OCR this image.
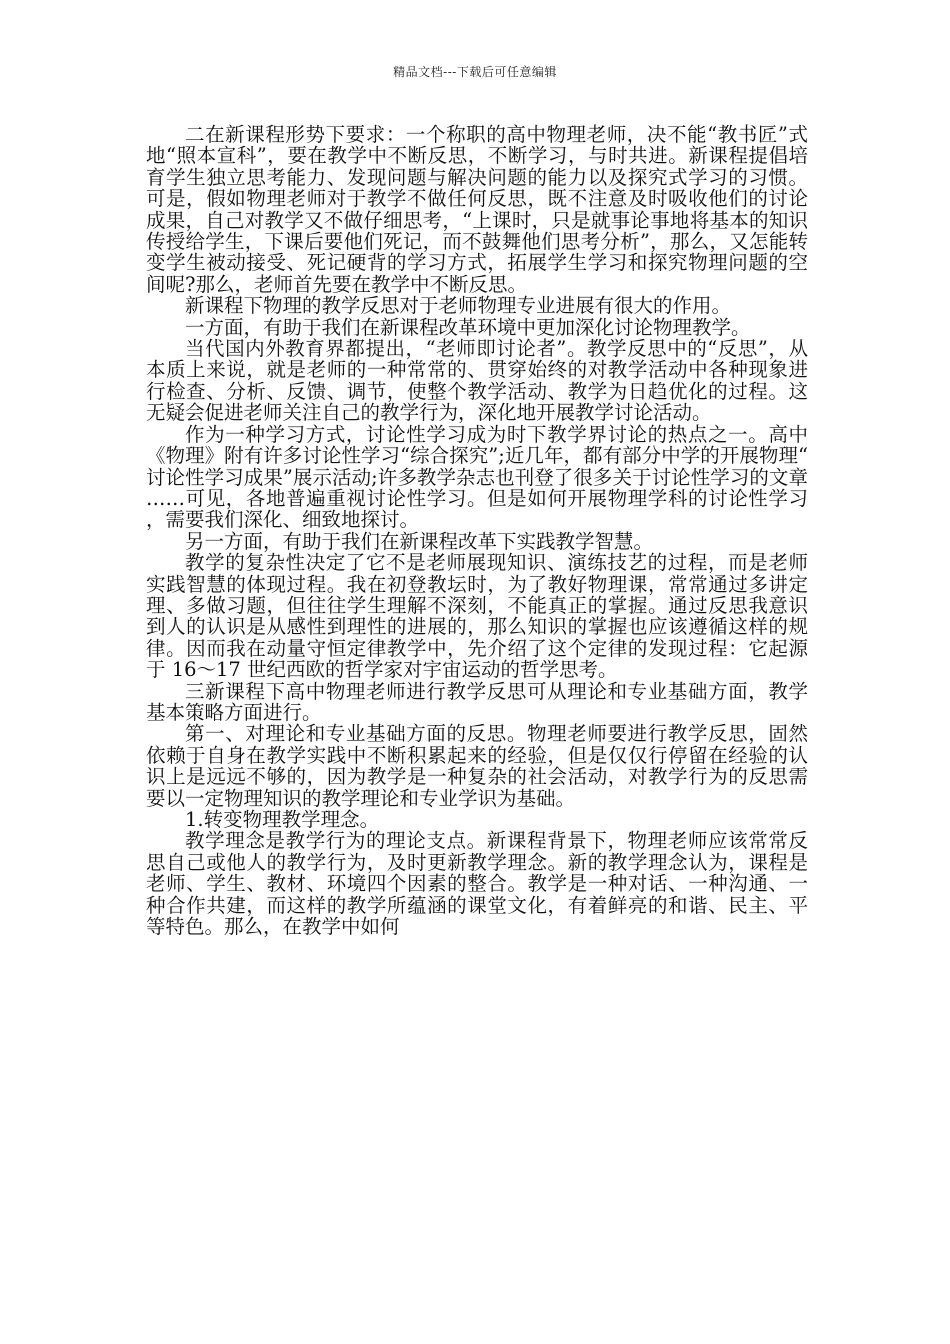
精品文档---下载后可任意编辑

二在新课程形势下要求：一个称职的高中物理老师，决不能“教书匠”式地“照本宣科”，要在教学中不断反思，不断学习，与时共进。新课程提倡培育学生独立思考能力、发现问题与解决问题的能力以及探究式学习的习惯。可是，假如物理老师对于教学不做任何反思，既不注意及时吸收他们的讨论成果，自己对教学又不做仔细思考，“上课时，只是就事论事地将基本的知识传授给学生，下课后要他们死记，而不鼓舞他们思考分析”，那么，又怎能转变学生被动接受、死记硬背的学习方式，拓展学生学习和探究物理问题的空间呢?那么，老师首先要在教学中不断反思。

新课程下物理的教学反思对于老师物理专业进展有很大的作用。

一方面，有助于我们在新课程改革环境中更加深化讨论物理教学。

当代国内外教育界都提出，“老师即讨论者”。教学反思中的“反思”，从本质上来说，就是老师的一种常常的、贯穿始终的对教学活动中各种现象进行检查、分析、反馈、调节，使整个教学活动、教学为日趋优化的过程。这无疑会促进老师关注自己的教学行为，深化地开展教学讨论活动。

作为一种学习方式，讨论性学习成为时下教学界讨论的热点之一。高中《物理》附有许多讨论性学习“综合探究”;近几年，都有部分中学的开展物理“讨论性学习成果”展示活动;许多教学杂志也刊登了很多关于讨论性学习的文章……可见，各地普遍重视讨论性学习。但是如何开展物理学科的讨论性学习，需要我们深化、细致地探讨。

另一方面，有助于我们在新课程改革下实践教学智慧。

教学的复杂性决定了它不是老师展现知识、演练技艺的过程，而是老师实践智慧的体现过程。我在初登教坛时，为了教好物理课，常常通过多讲定理、多做习题，但往往学生理解不深刻，不能真正的掌握。通过反思我意识到人的认识是从感性到理性的进展的，那么知识的掌握也应该遵循这样的规律。因而我在动量守恒定律教学中，先介绍了这个定律的发现过程：它起源于 16～17 世纪西欧的哲学家对宇宙运动的哲学思考。

三新课程下高中物理老师进行教学反思可从理论和专业基础方面，教学基本策略方面进行。

第一、对理论和专业基础方面的反思。物理老师要进行教学反思，固然依赖于自身在教学实践中不断积累起来的经验，但是仅仅行停留在经验的认识上是远远不够的，因为教学是一种复杂的社会活动，对教学行为的反思需要以一定物理知识的教学理论和专业学识为基础。

1.转变物理教学理念。

教学理念是教学行为的理论支点。新课程背景下，物理老师应该常常反思自己或他人的教学行为，及时更新教学理念。新的教学理念认为，课程是老师、学生、教材、环境四个因素的整合。教学是一种对话、一种沟通、一种合作共建，而这样的教学所蕴涵的课堂文化，有着鲜亮的和谐、民主、平等特色。那么，在教学中如何
